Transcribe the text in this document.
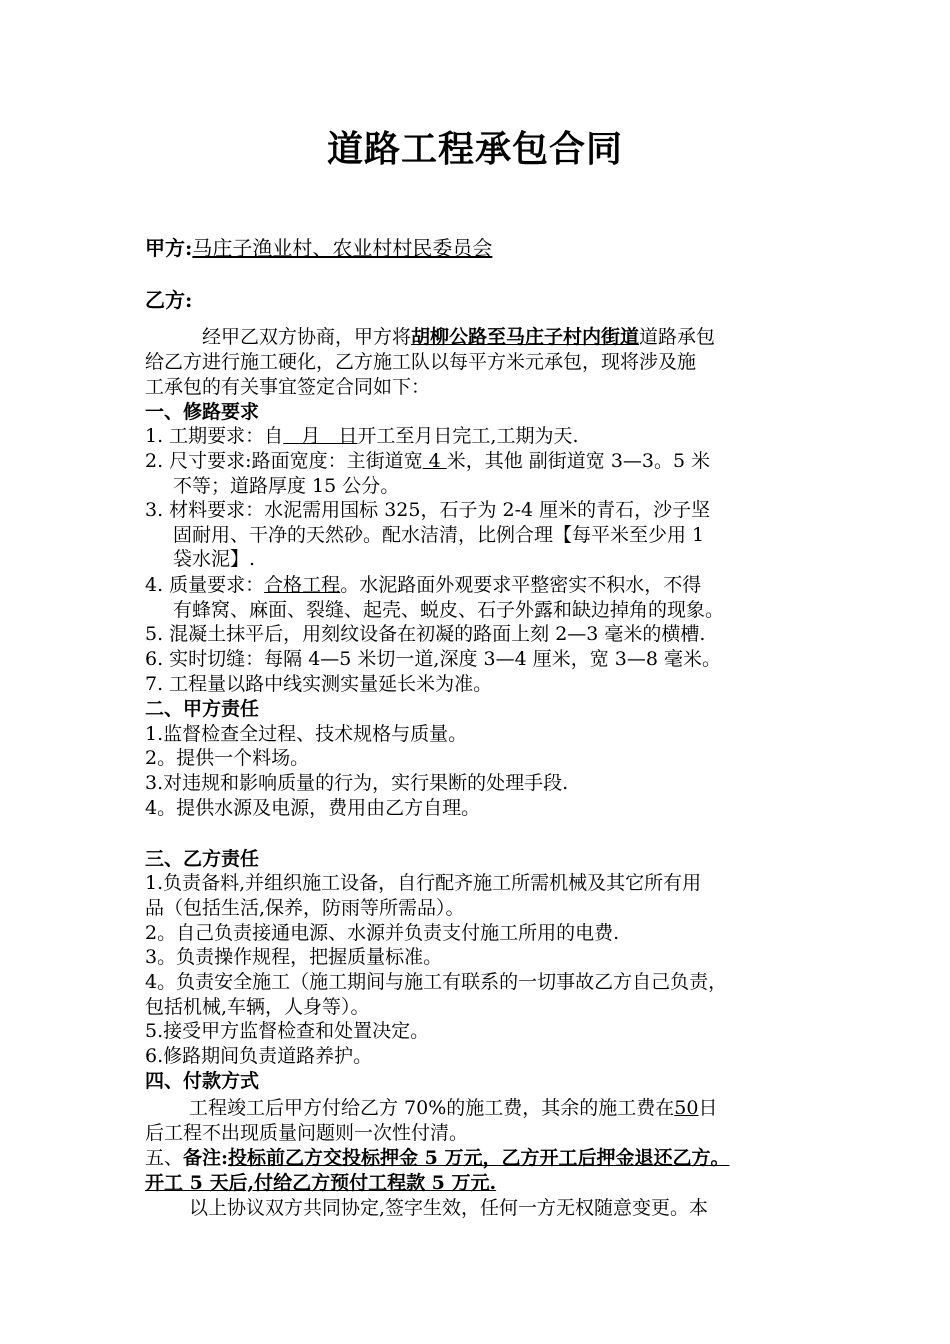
道路工程承包合同
甲方:马庄子渔业村、农业村村民委员会
乙方:
经甲乙双方协商，甲方将胡柳公路至马庄子村内街道道路承包
给乙方进行施工硬化，乙方施工队以每平方米元承包，现将涉及施
工承包的有关事宜签定合同如下：
一、修路要求
1. 工期要求：自   月   日开工至月日完工,工期为天.
2. 尺寸要求:路面宽度：主街道宽 4 米，其他 副街道宽 3—3。5 米
不等；道路厚度 15 公分。
3. 材料要求：水泥需用国标 325，石子为 2-4 厘米的青石，沙子坚
固耐用、干净的天然砂。配水洁清，比例合理【每平米至少用 1
袋水泥】.
4. 质量要求：合格工程。水泥路面外观要求平整密实不积水，不得
有蜂窝、麻面、裂缝、起壳、蜕皮、石子外露和缺边掉角的现象。
5. 混凝土抹平后，用刻纹设备在初凝的路面上刻 2—3 毫米的横槽.
6. 实时切缝：每隔 4—5 米切一道,深度 3—4 厘米，宽 3—8 毫米。
7. 工程量以路中线实测实量延长米为准。
二、甲方责任
1.监督检查全过程、技术规格与质量。
2。提供一个料场。
3.对违规和影响质量的行为，实行果断的处理手段.
4。提供水源及电源，费用由乙方自理。
三、乙方责任
1.负责备料,并组织施工设备，自行配齐施工所需机械及其它所有用
品（包括生活,保养，防雨等所需品）。
2。自己负责接通电源、水源并负责支付施工所用的电费.
3。负责操作规程，把握质量标准。
4。负责安全施工（施工期间与施工有联系的一切事故乙方自己负责，
包括机械,车辆，人身等）。
5.接受甲方监督检查和处置决定。
6.修路期间负责道路养护。
四、付款方式
工程竣工后甲方付给乙方 70%的施工费，其余的施工费在50日
后工程不出现质量问题则一次性付清。
五、备注:投标前乙方交投标押金 5 万元，乙方开工后押金退还乙方。
开工 5 天后,付给乙方预付工程款 5 万元.
以上协议双方共同协定,签字生效，任何一方无权随意变更。本
